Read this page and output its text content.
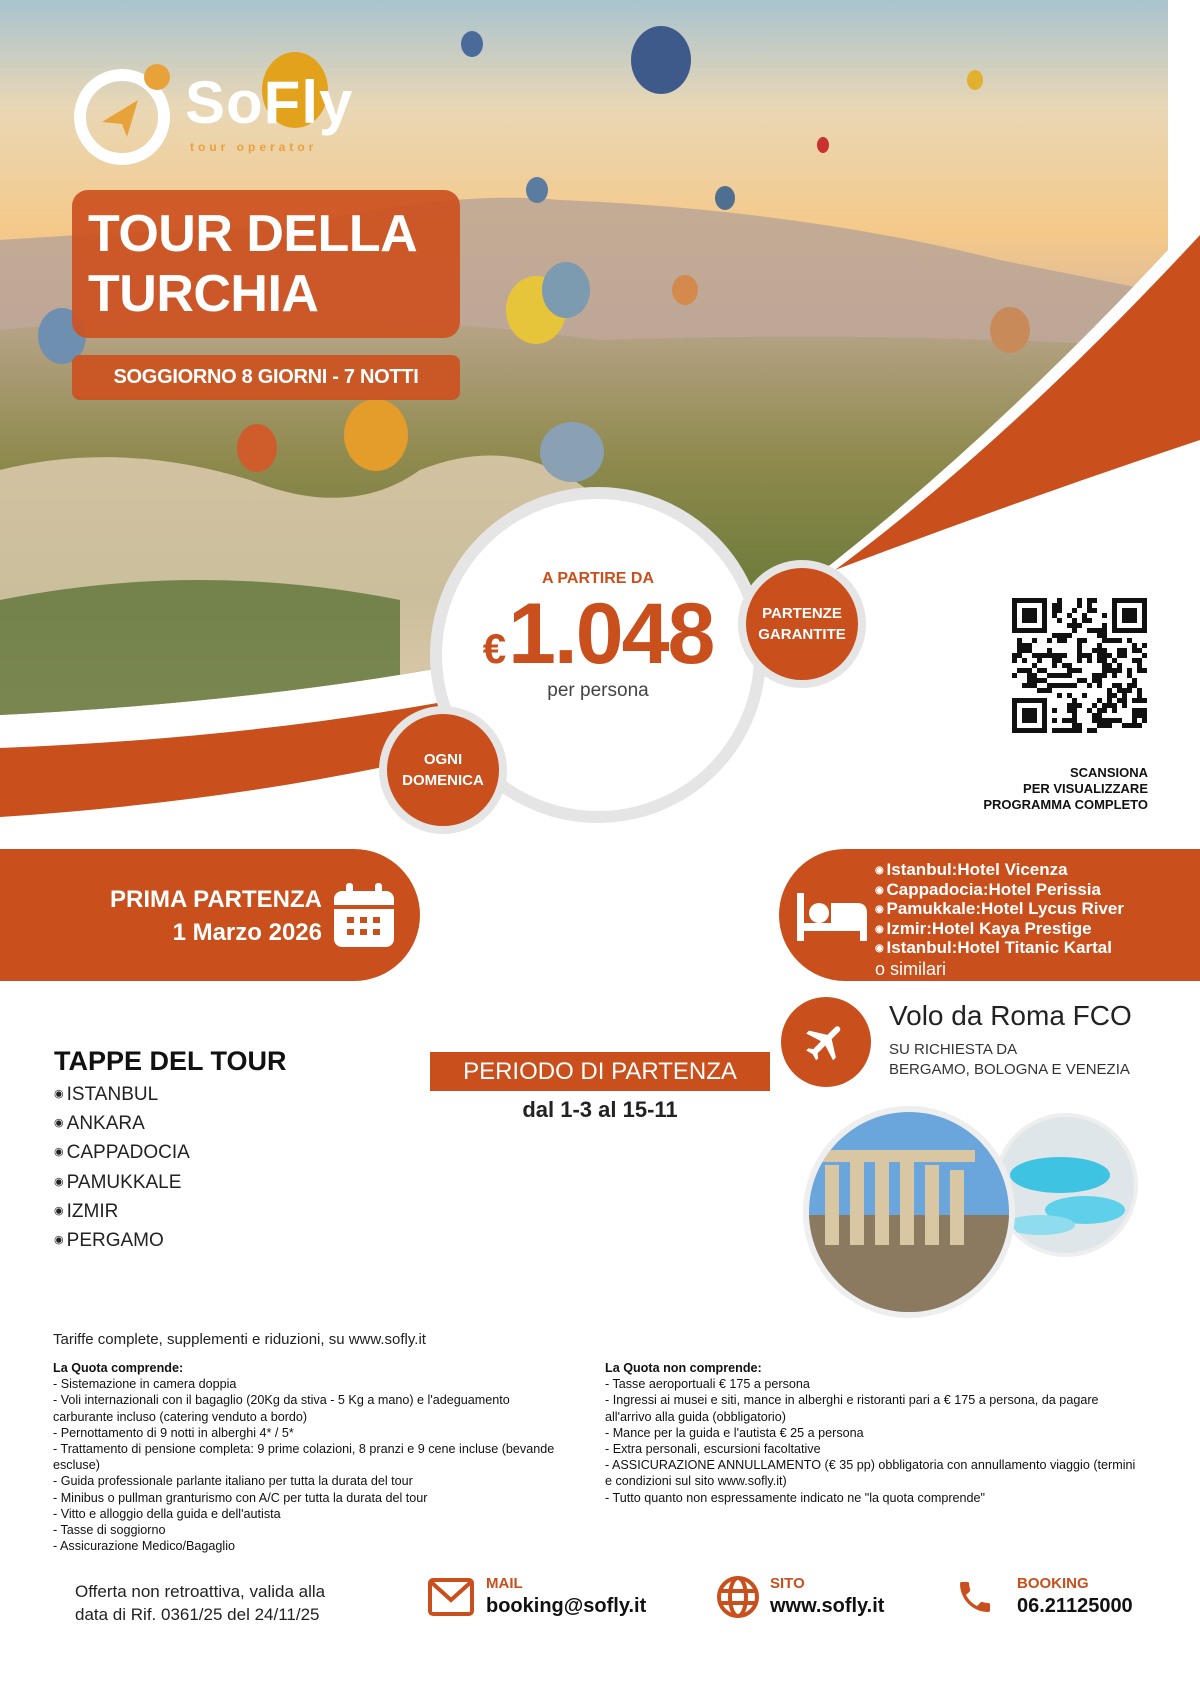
SoFly
tour operator
TOUR DELLA
TURCHIA
SOGGIORNO 8 GIORNI - 7 NOTTI
A PARTIRE DA
€1.048
per persona
PARTENZE
GARANTITE
OGNI
DOMENICA	SCANSIONA
PER VISUALIZZARE
PROGRAMMA COMPLETO
PRIMA PARTENZA
1 Marzo 2026
◉ Istanbul:Hotel Vicenza
◉ Cappadocia:Hotel Perissia
◉ Pamukkale:Hotel Lycus River
◉ Izmir:Hotel Kaya Prestige
◉ Istanbul:Hotel Titanic Kartal
o similari
Volo da Roma FCO
SU RICHIESTA DA
BERGAMO, BOLOGNA E VENEZIA
TAPPE DEL TOUR
◉ ISTANBUL
◉ ANKARA
◉ CAPPADOCIA
◉ PAMUKKALE
◉ IZMIR
◉ PERGAMO
PERIODO DI PARTENZA
dal 1-3 al 15-11
Tariffe complete, supplementi e riduzioni, su www.sofly.it
La Quota comprende:
- Sistemazione in camera doppia
- Voli internazionali con il bagaglio (20Kg da stiva - 5 Kg a mano) e l'adeguamento carburante incluso (catering venduto a bordo)
- Pernottamento di 9 notti in alberghi 4* / 5*
- Trattamento di pensione completa: 9 prime colazioni, 8 pranzi e 9 cene incluse (bevande escluse)
- Guida professionale parlante italiano per tutta la durata del tour
- Minibus o pullman granturismo con A/C per tutta la durata del tour
- Vitto e alloggio della guida e dell'autista
- Tasse di soggiorno
- Assicurazione Medico/Bagaglio
La Quota non comprende:
- Tasse aeroportuali € 175 a persona
- Ingressi ai musei e siti, mance in alberghi e ristoranti pari a € 175 a persona, da pagare all'arrivo alla guida (obbligatorio)
- Mance per la guida e l'autista € 25 a persona
- Extra personali, escursioni facoltative
- ASSICURAZIONE ANNULLAMENTO (€ 35 pp) obbligatoria con annullamento viaggio (termini e condizioni sul sito www.sofly.it)
- Tutto quanto non espressamente indicato ne "la quota comprende"
Offerta non retroattiva, valida alla
data di Rif. 0361/25 del 24/11/25
MAIL
booking@sofly.it
SITO
www.sofly.it
BOOKING
06.21125000
